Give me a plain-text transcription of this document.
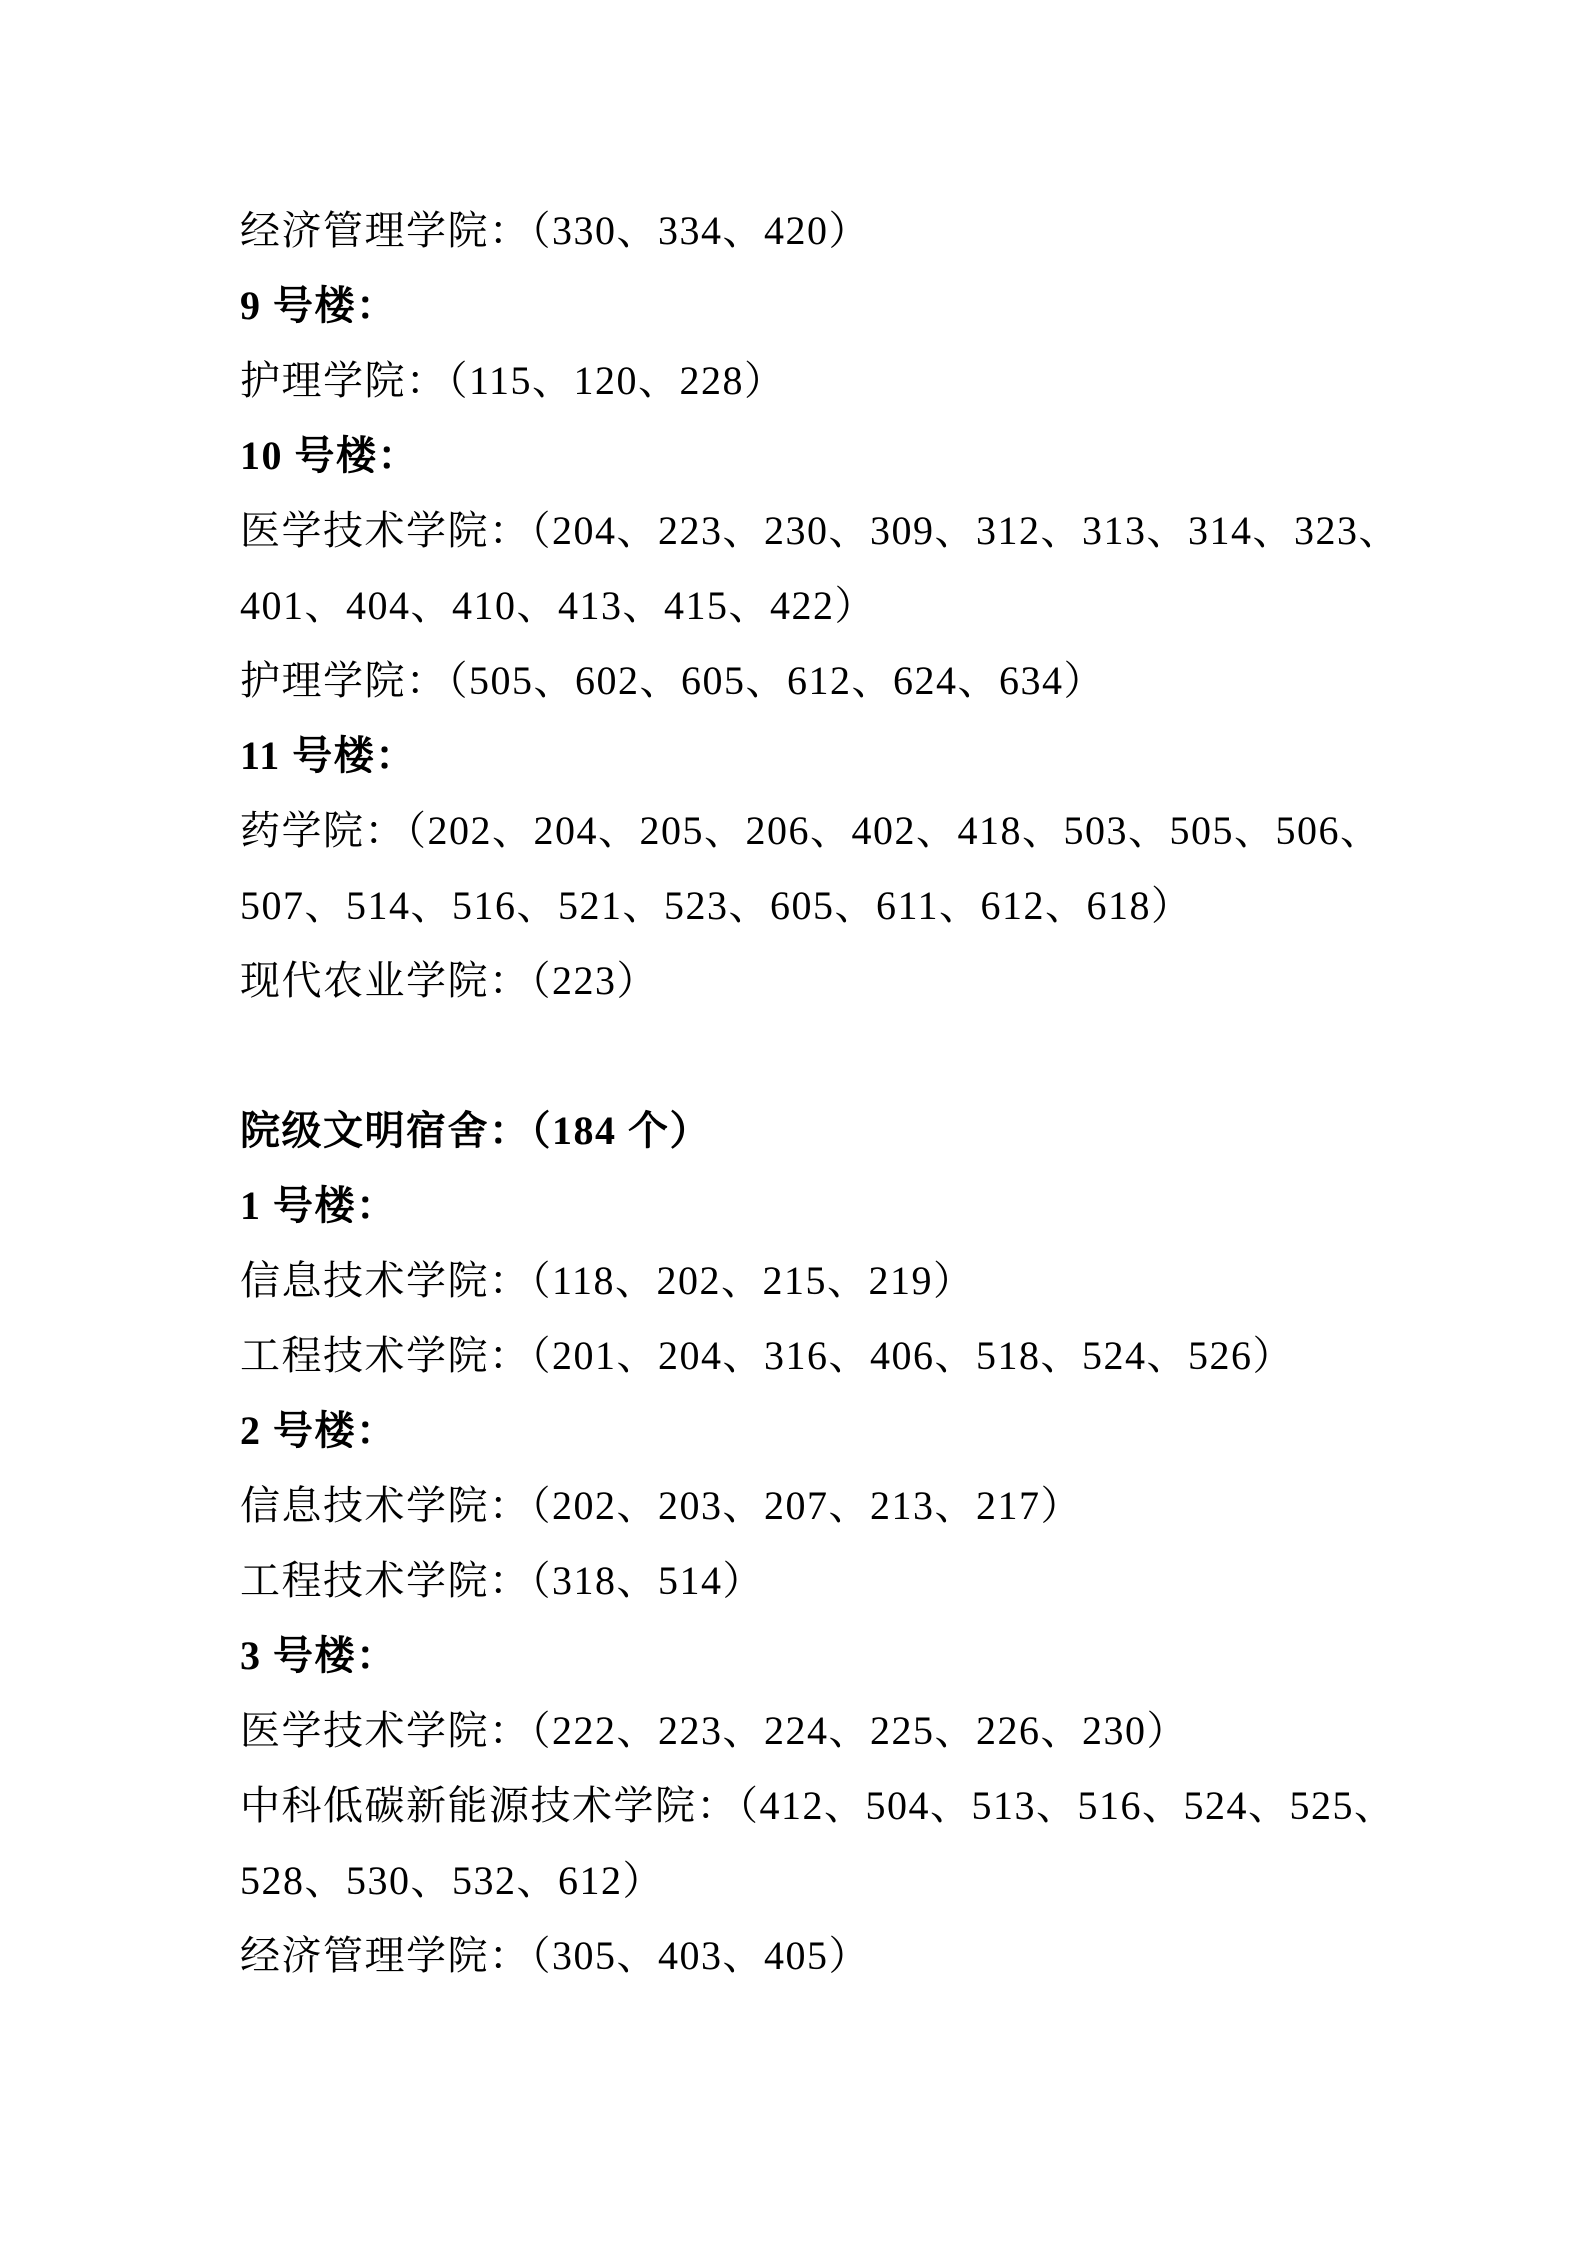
经济管理学院：（330、334、420）
9 号楼：
护理学院：（115、120、228）
10 号楼：
医学技术学院：（204、223、230、309、312、313、314、323、
401、404、410、413、415、422）
护理学院：（505、602、605、612、624、634）
11 号楼：
药学院：（202、204、205、206、402、418、503、505、506、
507、514、516、521、523、605、611、612、618）
现代农业学院：（223）
院级文明宿舍：（184 个）
1 号楼：
信息技术学院：（118、202、215、219）
工程技术学院：（201、204、316、406、518、524、526）
2 号楼：
信息技术学院：（202、203、207、213、217）
工程技术学院：（318、514）
3 号楼：
医学技术学院：（222、223、224、225、226、230）
中科低碳新能源技术学院：（412、504、513、516、524、525、
528、530、532、612）
经济管理学院：（305、403、405）
